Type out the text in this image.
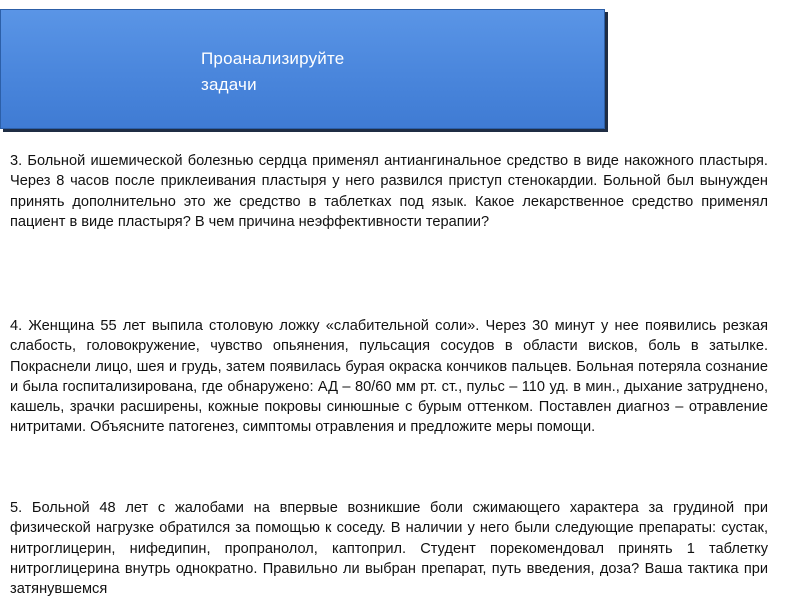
Проанализируйте
задачи

3. Больной ишемической болезнью сердца применял антиангинальное средство в виде накожного пластыря. Через 8 часов после приклеивания пластыря у него развился приступ стенокардии. Больной был вынужден принять дополнительно это же средство в таблетках под язык. Какое лекарственное средство применял пациент в виде пластыря? В чем причина неэффективности терапии?

4. Женщина 55 лет выпила столовую ложку «слабительной соли». Через 30 минут у нее появились резкая слабость, головокружение, чувство опьянения, пульсация сосудов в области висков, боль в затылке. Покраснели лицо, шея и грудь, затем появилась бурая окраска кончиков пальцев. Больная потеряла сознание и была госпитализирована, где обнаружено: АД – 80/60 мм рт. ст., пульс – 110 уд. в мин., дыхание затруднено, кашель, зрачки расширены, кожные покровы синюшные с бурым оттенком. Поставлен диагноз – отравление нитритами. Объясните патогенез, симптомы отравления и предложите меры помощи.

5. Больной 48 лет с жалобами на впервые возникшие боли сжимающего характера за грудиной при физической нагрузке обратился за помощью к соседу. В наличии у него были следующие препараты: сустак, нитроглицерин, нифедипин, пропранолол, каптоприл. Студент порекомендовал принять 1 таблетку нитроглицерина внутрь однократно. Правильно ли выбран препарат, путь введения, доза? Ваша тактика при затянувшемся
